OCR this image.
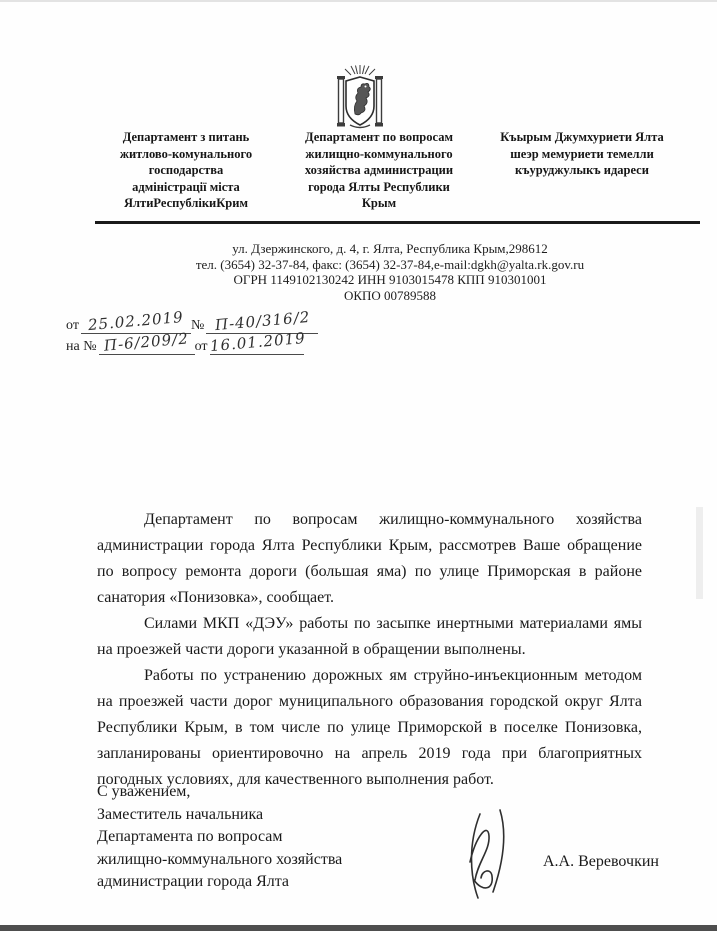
Департамент з питань
житлово-комунального
господарства
адміністрації міста
ЯлтиРеспублікиКрим
Департамент по вопросам
жилищно-коммунального
хозяйства администрации
города Ялты Республики
Крым
Къырым Джумхуриети Ялта
шеэр мемуриети темелли
къуруджулыкъ идареси
ул. Дзержинского, д. 4, г. Ялта, Республика Крым,298612
тел. (3654) 32-37-84, факс: (3654) 32-37-84,e-mail:dgkh@yalta.rk.gov.ru
ОГРН 1149102130242 ИНН 9103015478 КПП 910301001
ОКПО 00789588
от 25.02.2019 № П-40/316/2
на № П-6/209/2 от 16.01.2019

Департамент по вопросам жилищно-коммунального хозяйства администрации города Ялта Республики Крым, рассмотрев Ваше обращение по вопросу ремонта дороги (большая яма) по улице Приморская в районе санатория «Понизовка», сообщает.

Силами МКП «ДЭУ» работы по засыпке инертными материалами ямы на проезжей части дороги указанной в обращении выполнены.

Работы по устранению дорожных ям струйно-инъекционным методом на проезжей части дорог муниципального образования городской округ Ялта Республики Крым, в том числе по улице Приморской в поселке Понизовка, запланированы ориентировочно на апрель 2019 года при благоприятных погодных условиях, для качественного выполнения работ.

С уважением,
Заместитель начальника
Департамента по вопросам
жилищно-коммунального хозяйства
администрации города Ялта
А.А. Веревочкин
